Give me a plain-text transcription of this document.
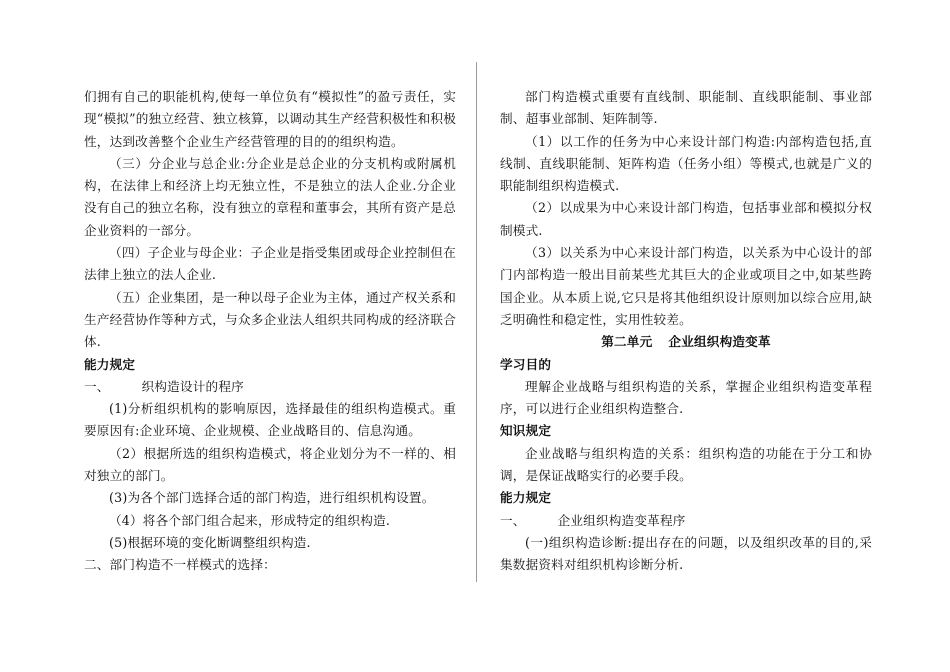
们拥有自己的职能机构,使每一单位负有“模拟性”的盈亏责任，实现“模拟”的独立经营、独立核算，以调动其生产经营积极性和积极性，达到改善整个企业生产经营管理的目的的组织构造。

（三）分企业与总企业:分企业是总企业的分支机构或附属机构，在法律上和经济上均无独立性，不是独立的法人企业.分企业没有自己的独立名称，没有独立的章程和董事会，其所有资产是总企业资料的一部分。

（四）子企业与母企业：子企业是指受集团或母企业控制但在法律上独立的法人企业.

（五）企业集团，是一种以母子企业为主体，通过产权关系和生产经营协作等种方式，与众多企业法人组织共同构成的经济联合体.

能力规定

一、	织构造设计的程序

(1)分析组织机构的影响原因，选择最佳的组织构造模式。重要原因有:企业环境、企业规模、企业战略目的、信息沟通。

（2）根据所选的组织构造模式，将企业划分为不一样的、相对独立的部门。

(3)为各个部门选择合适的部门构造，进行组织机构设置。

（4）将各个部门组合起来，形成特定的组织构造.

(5)根据环境的变化断调整组织构造.

二、部门构造不一样模式的选择：

部门构造模式重要有直线制、职能制、直线职能制、事业部制、超事业部制、矩阵制等.

（1）以工作的任务为中心来设计部门构造:内部构造包括,直线制、直线职能制、矩阵构造（任务小组）等模式,也就是广义的职能制组织构造模式.

（2）以成果为中心来设计部门构造，包括事业部和模拟分权制模式.

（3）以关系为中心来设计部门构造，以关系为中心设计的部门内部构造一般出目前某些尤其巨大的企业或项目之中,如某些跨国企业。从本质上说,它只是将其他组织设计原则加以综合应用,缺乏明确性和稳定性，实用性较差。

第二单元 企业组织构造变革

学习目的

理解企业战略与组织构造的关系，掌握企业组织构造变革程序，可以进行企业组织构造整合.

知识规定

企业战略与组织构造的关系：组织构造的功能在于分工和协调，是保证战略实行的必要手段。

能力规定

一、	企业组织构造变革程序

(一)组织构造诊断:提出存在的问题，以及组织改革的目的,采集数据资料对组织机构诊断分析.
